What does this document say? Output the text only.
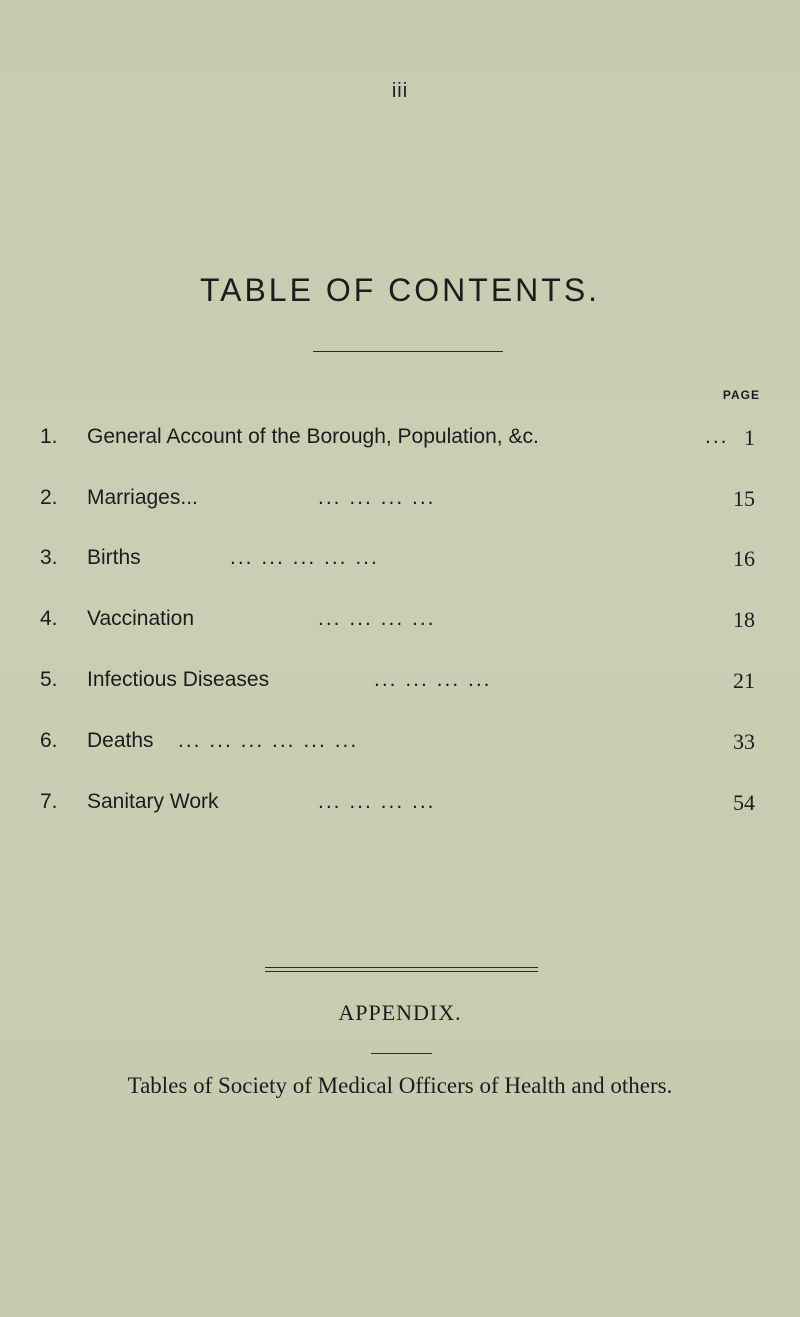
iii
TABLE OF CONTENTS.
PAGE
1.	General Account of the Borough, Population, &c.	... 1
2.	Marriages...	... ... ... ...	15
3.	Births	... ... ... ... ...	16
4.	Vaccination	... ... ... ...	18
5.	Infectious Diseases	... ... ... ...	21
6.	Deaths ... ... ... ... ... ...	33
7.	Sanitary Work	... ... ... ...	54
APPENDIX.
Tables of Society of Medical Officers of Health and others.
